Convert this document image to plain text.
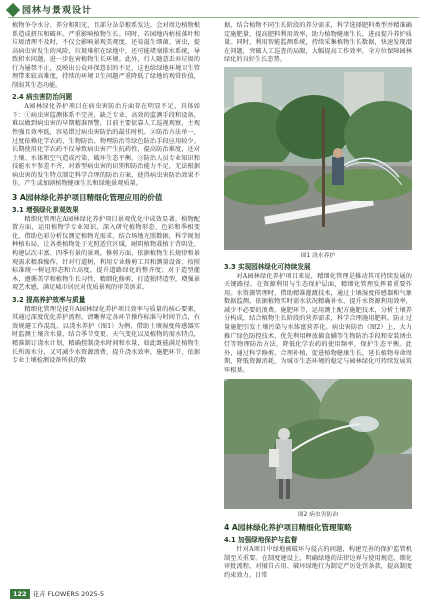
园林与景观设计

植物争夺水分、养分和阳光，且部分杂草根系发达，会对周边植物根系造成挤压和破坏。严重影响植物生长。同时，若园地内枯枝落叶和垃圾清理不及时，不仅会影响景观美观度，还易滋生细菌、害虫，提高病虫害发生的风险，垃圾堆积在绿地中，还可能堵塞排水系统，导致积水问题，进一步危害植物生长环境。此外，行人随意丢弃垃圾的行为屡禁不止，反映出公众环保意识的不足，这也给绿地环境卫生管理带来较高难度，持续的环境卫生问题严重降低了绿地的观赏价值，削弱其生态功能。

2.4 病虫害防治问题

A园林绿化养护项目在病虫害防治方面存在明显不足，具体如下：①病虫害监测体系不完善，缺乏专业、高效的监测手段和设备，难以做到病虫害的早期精准预警，目前主要依靠人工巡视观察，主观性强且效率低，容易错过病虫害防治的最佳时机。②防治方法单一，过度依赖化学农药，生物防治、物理防治等绿色防治手段应用较少。长期使用化学农药不仅导致病虫害产生抗药性，提高防治难度，还对土壤、水体和空气造成污染，破坏生态平衡。③防治人员专业知识和技能水平参差不齐，对新型病虫害的识别和防治能力不足，无法根据病虫害的发生特点制定科学合理的防治方案，使得病虫害防治效果不佳，产生或加剧植物健康生长和绿地景观质量。

3 A园林绿化养护项目精细化管理应用的价值
3.1 增强绿化景观效果

精细化管理在A园林绿化养护项目景观优化中成效显著。植物配置方面，运用植物学专业知识，深入研究植物形态、色彩和季相变化，借助色彩分析仪测定植物光需求，结合场地光照数据，科学规划种植布局，让各类植物处于光照适宜区域，耐阴植物栽植于背阴处，构建层次丰富、四季有景的景观。修剪方面，依据植物生长规律和景观需求精准操作，针对行道树，利用专业修剪工具和测量设备，按照标准统一树冠形态和立高度，提升道路绿化的整齐度；对于造型灌木，遵循美学和植物生长习性，精细化修剪，打造独特造型，增强景观艺术感，满足城市居民对优质景观的审美诉求。

3.2 提高养护效率与质量

精细化管理是提升A园林绿化养护项目效率与质量的核心要素，其通过深度优化养护流程，清晰界定各环节操作标准与时间节点，有效规避工作混乱。以浇水养护（图1）为例，借助土壤湿度传感器实时监测土壤含水量，结合季节变更、天气变化以及植物的需水特点，精准制订浇水计划，精确控制浇水时间和水量，如此既能满足植物生长所需水分，又可减少水资源浪费，提升浇水效率，施肥环节，依据专业土壤检测设备所获的数

据，结合植物不同生长阶段的养分需求，科学选择肥料类型并精准确定施肥量，提高肥料利用效率，助力植物健康生长，进而提升养护质量。同时，利用智能监测系统，持续采集植物生长数据，快速发现潜在问题，突破人工巡查的局限，大幅提高工作效率，全方位保障园林绿化的良好生长态势。

图1 浇水养护
3.3 实现园林绿化可持续发展

对A园林绿化养护项目来说，精细化管理是推动其可持续发展的关键路径。在资源利用与生态保护层面，精细化管理发挥着重要作用。水资源管理时，借助精准灌溉技术，通过土壤湿度传感器和气象数据监测，依据植物实时需水状况精确补水，提升水资源利用效率，减少不必要的浪费。施肥环节，运用测土配方施肥技术，分析土壤养分构成，结合植物生长阶段的营养需求，科学合理施用肥料，防止过量施肥引发土壤污染与水体富营养化。病虫害防治（图2）上，大力推广绿色防控技术，优先利用释放捕食螨等生物防治手段和安装诱虫灯等物理防治方法，降低化学农药的使用频率，保护生态平衡。此外，通过科学修剪、合理补植，促进植物健康生长，延长植物寿命周期，降低资源消耗，为城市生态环境的稳定与园林绿化可持续发展筑牢根基。

图2 病虫害防治
4 A园林绿化养护项目精细化管理策略
4.1 加强绿地保护与监督

针对A项目中绿地被破坏与侵占的问题，构建完善的保护监管机制至关重要。在制度建设上，明确绿地的法律边界与使用规范，细化审批流程，对擅自占用、破坏绿地行为制定严厉处罚条款，提高制度约束效力。日常

122 花卉 FLOWERS 2025-5
